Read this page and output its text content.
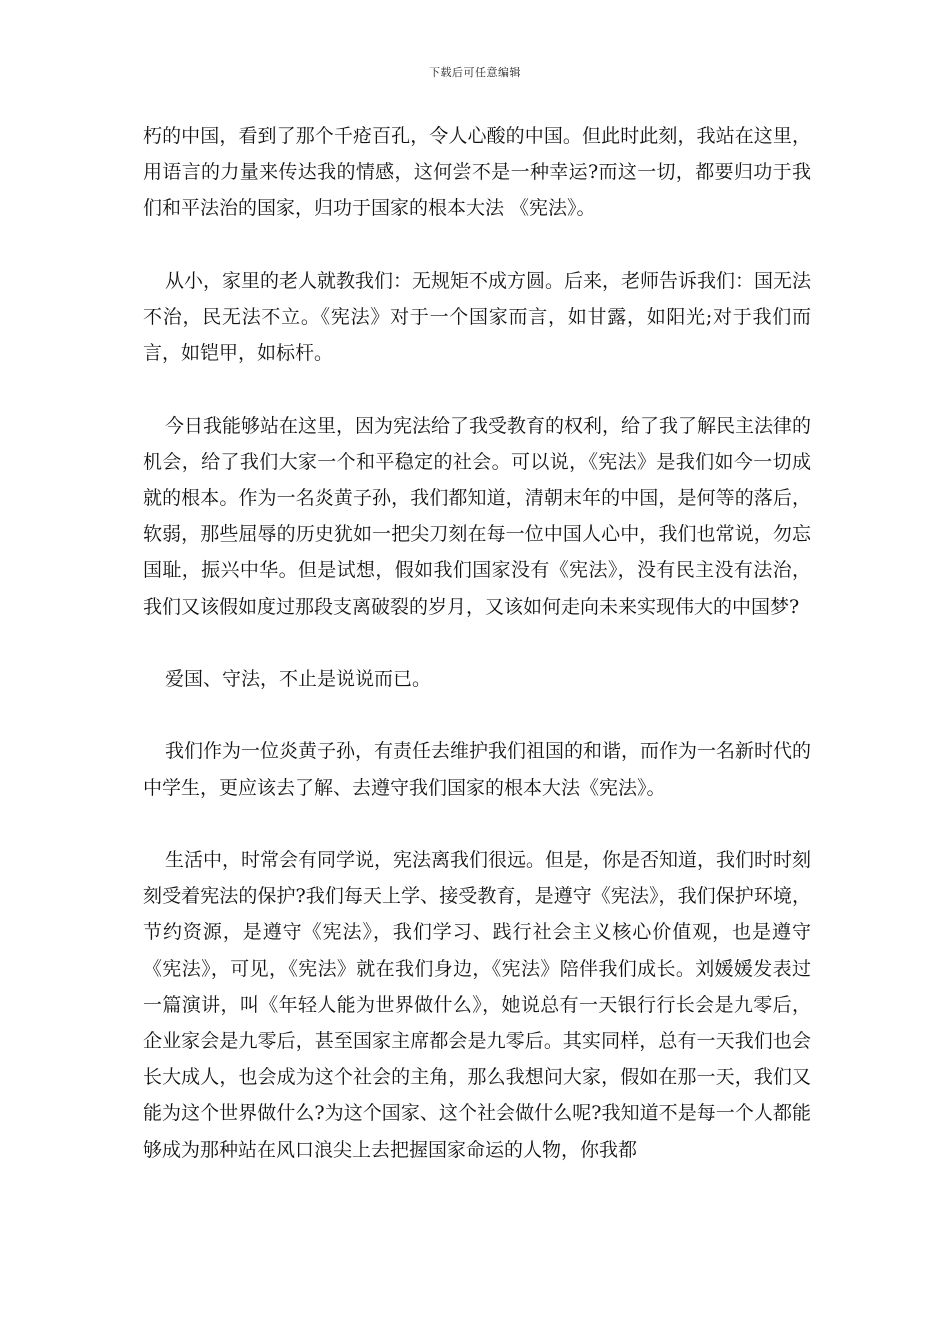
下载后可任意编辑

朽的中国，看到了那个千疮百孔，令人心酸的中国。但此时此刻，我站在这里，用语言的力量来传达我的情感，这何尝不是一种幸运?而这一切，都要归功于我们和平法治的国家，归功于国家的根本大法 《宪法》。

从小，家里的老人就教我们：无规矩不成方圆。后来，老师告诉我们：国无法不治，民无法不立。《宪法》对于一个国家而言，如甘露，如阳光;对于我们而言，如铠甲，如标杆。

今日我能够站在这里，因为宪法给了我受教育的权利，给了我了解民主法律的机会，给了我们大家一个和平稳定的社会。可以说，《宪法》是我们如今一切成就的根本。作为一名炎黄子孙，我们都知道，清朝末年的中国，是何等的落后，软弱，那些屈辱的历史犹如一把尖刀刻在每一位中国人心中，我们也常说，勿忘国耻，振兴中华。但是试想，假如我们国家没有《宪法》，没有民主没有法治，我们又该假如度过那段支离破裂的岁月，又该如何走向未来实现伟大的中国梦?

爱国、守法，不止是说说而已。

我们作为一位炎黄子孙，有责任去维护我们祖国的和谐，而作为一名新时代的中学生，更应该去了解、去遵守我们国家的根本大法《宪法》。

生活中，时常会有同学说，宪法离我们很远。但是，你是否知道，我们时时刻刻受着宪法的保护?我们每天上学、接受教育，是遵守《宪法》，我们保护环境，节约资源，是遵守《宪法》，我们学习、践行社会主义核心价值观，也是遵守《宪法》，可见，《宪法》就在我们身边，《宪法》陪伴我们成长。刘媛媛发表过一篇演讲，叫《年轻人能为世界做什么》，她说总有一天银行行长会是九零后，企业家会是九零后，甚至国家主席都会是九零后。其实同样，总有一天我们也会长大成人，也会成为这个社会的主角，那么我想问大家，假如在那一天，我们又能为这个世界做什么?为这个国家、这个社会做什么呢?我知道不是每一个人都能够成为那种站在风口浪尖上去把握国家命运的人物，你我都
